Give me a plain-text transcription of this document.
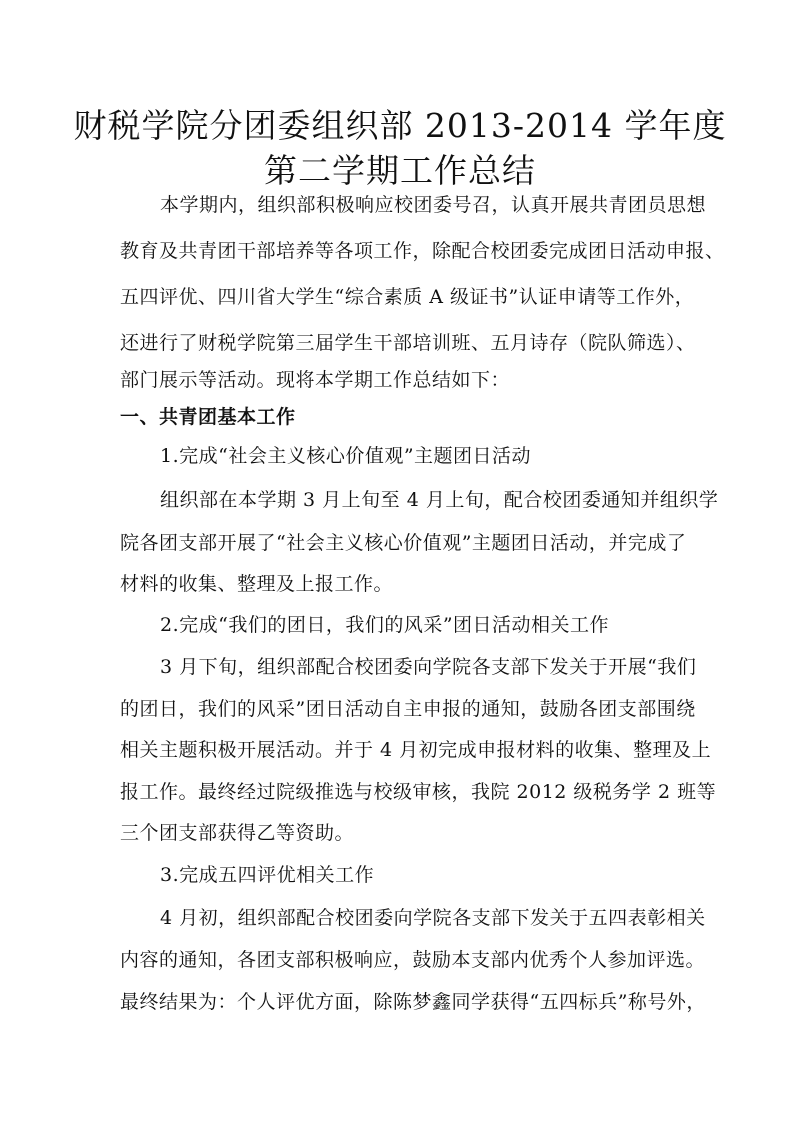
财税学院分团委组织部 2013-2014 学年度
第二学期工作总结
本学期内，组织部积极响应校团委号召，认真开展共青团员思想
教育及共青团干部培养等各项工作，除配合校团委完成团日活动申报、
五四评优、四川省大学生“综合素质 A 级证书”认证申请等工作外，
还进行了财税学院第三届学生干部培训班、五月诗存（院队筛选）、
部门展示等活动。现将本学期工作总结如下：
一、共青团基本工作
1.完成“社会主义核心价值观”主题团日活动
组织部在本学期 3 月上旬至 4 月上旬，配合校团委通知并组织学
院各团支部开展了“社会主义核心价值观”主题团日活动，并完成了
材料的收集、整理及上报工作。
2.完成“我们的团日，我们的风采”团日活动相关工作
3 月下旬，组织部配合校团委向学院各支部下发关于开展“我们
的团日，我们的风采”团日活动自主申报的通知，鼓励各团支部围绕
相关主题积极开展活动。并于 4 月初完成申报材料的收集、整理及上
报工作。最终经过院级推选与校级审核，我院 2012 级税务学 2 班等
三个团支部获得乙等资助。
3.完成五四评优相关工作
4 月初，组织部配合校团委向学院各支部下发关于五四表彰相关
内容的通知，各团支部积极响应，鼓励本支部内优秀个人参加评选。
最终结果为：个人评优方面，除陈梦鑫同学获得“五四标兵”称号外，
